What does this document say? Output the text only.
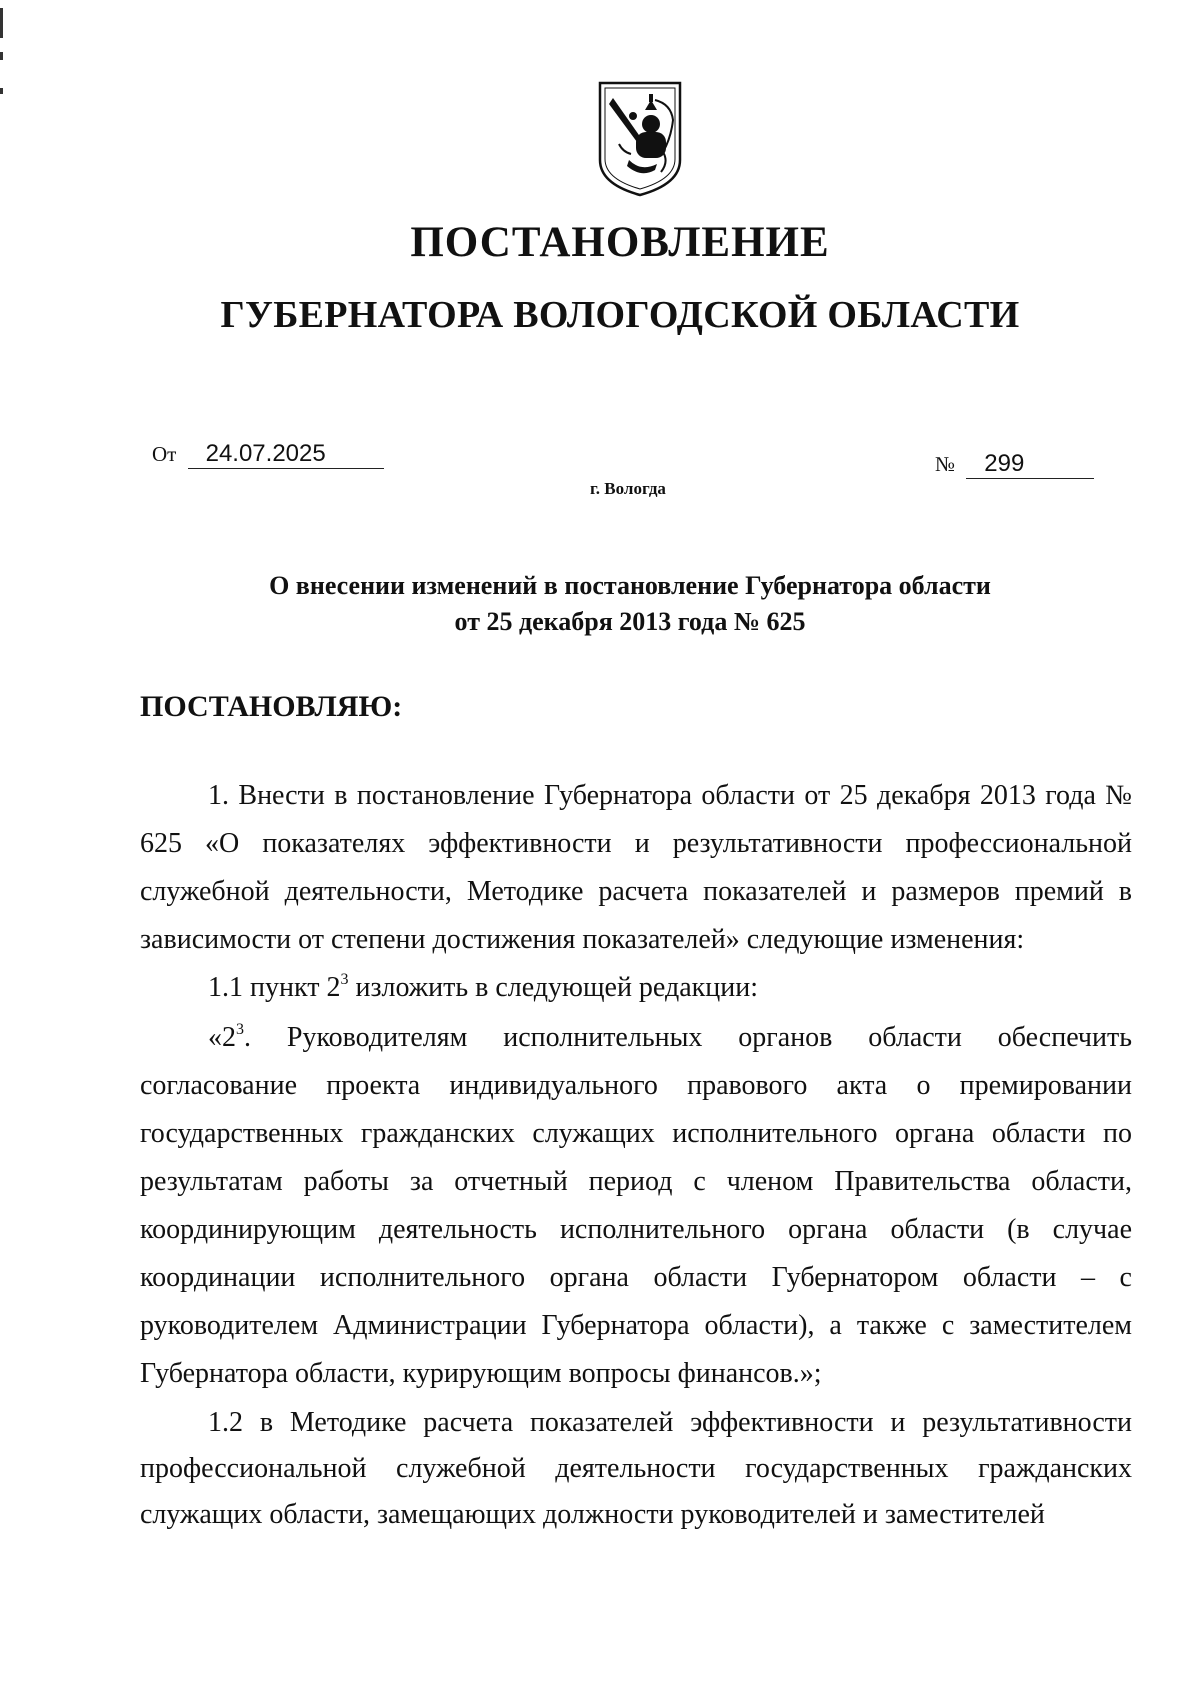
ПОСТАНОВЛЕНИЕ
ГУБЕРНАТОРА ВОЛОГОДСКОЙ ОБЛАСТИ
От 24.07.2025	№ 299
г. Вологда
О внесении изменений в постановление Губернатора области
от 25 декабря 2013 года № 625
ПОСТАНОВЛЯЮ:
1. Внести в постановление Губернатора области от 25 декабря 2013 года № 625 «О показателях эффективности и результативности профессиональной служебной деятельности, Методике расчета показателей и размеров премий в зависимости от степени достижения показателей» следующие изменения:
1.1 пункт $2^3$ изложить в следующей редакции:
«$2^3$. Руководителям исполнительных органов области обеспечить согласование проекта индивидуального правового акта о премировании государственных гражданских служащих исполнительного органа области по результатам работы за отчетный период с членом Правительства области, координирующим деятельность исполнительного органа области (в случае координации исполнительного органа области Губернатором области – с руководителем Администрации Губернатора области), а также с заместителем Губернатора области, курирующим вопросы финансов.»;
1.2 в Методике расчета показателей эффективности и результативности профессиональной служебной деятельности государственных гражданских служащих области, замещающих должности руководителей и заместителей
